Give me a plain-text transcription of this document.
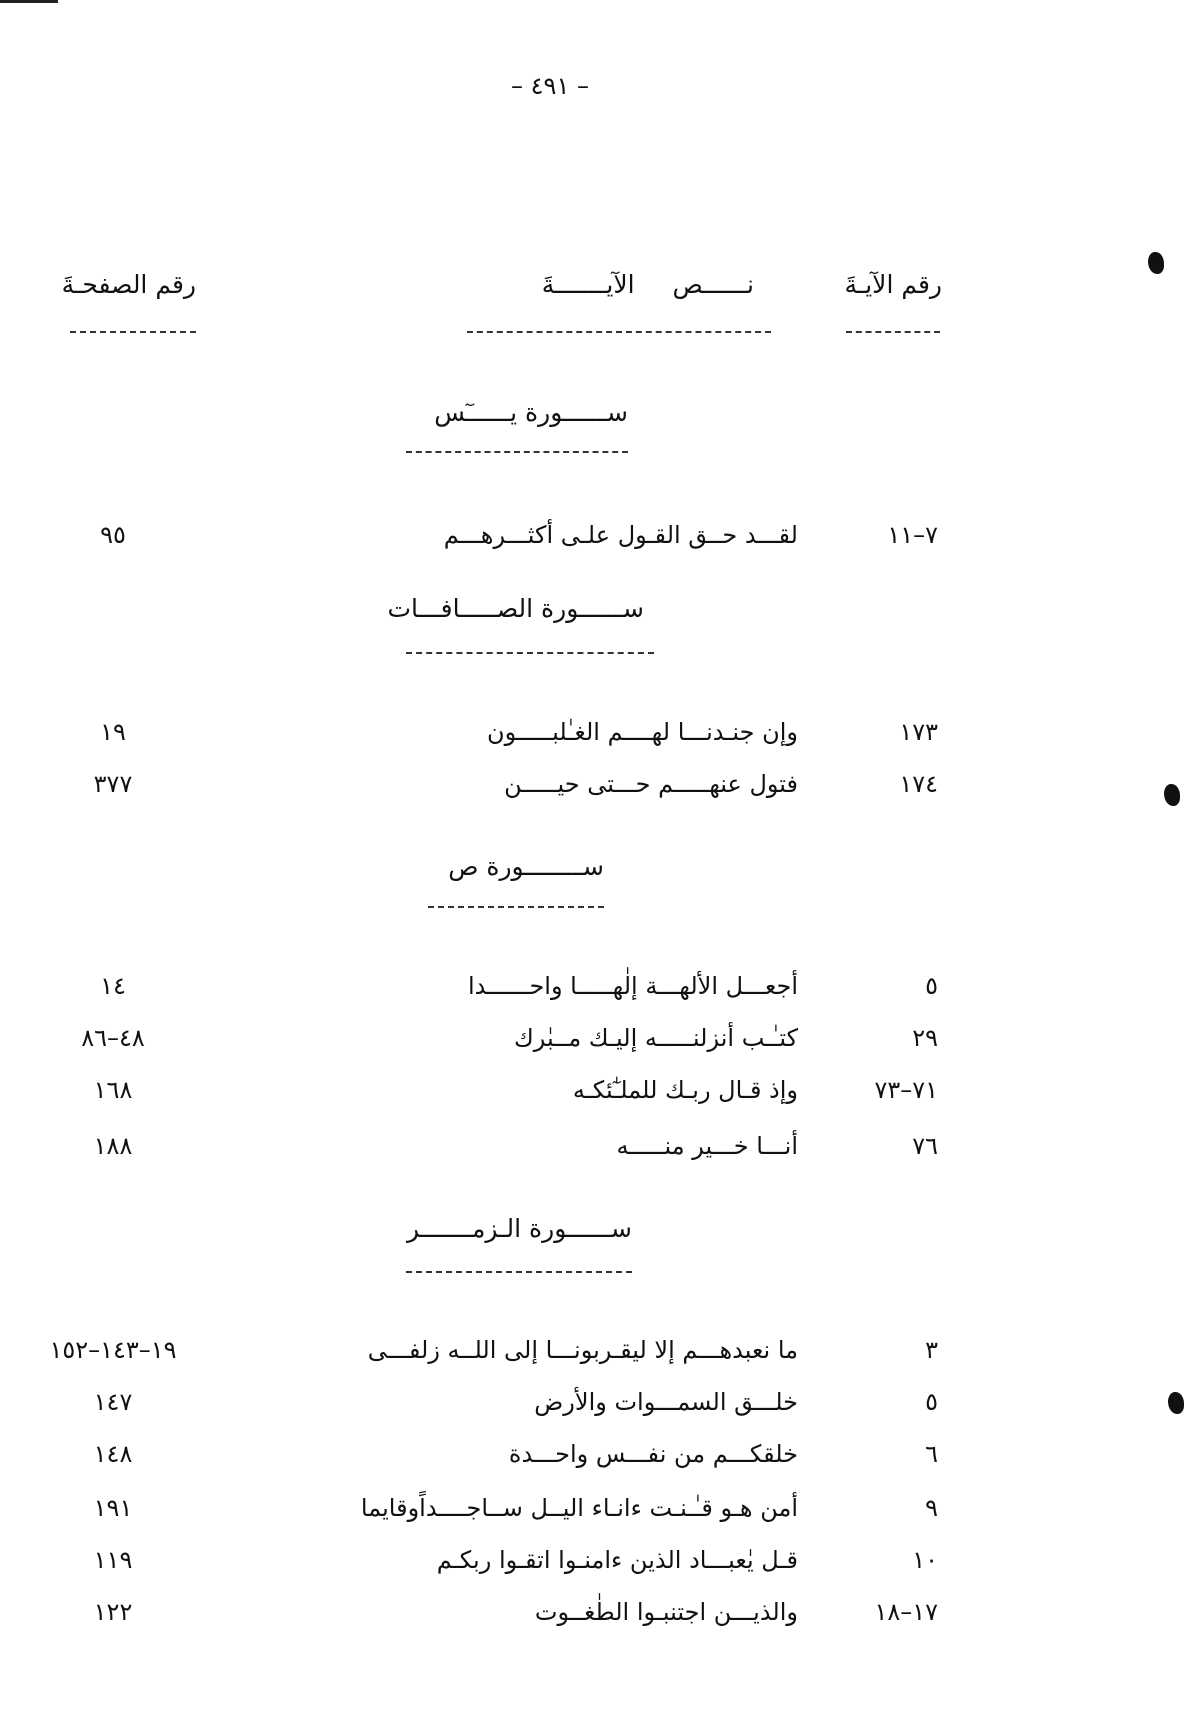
– ٤٩١ –
رقم الآيـةَ
نــــــص الآيـــــــةَ
رقم الصفحـةَ
ســــــورة يــــــٓس
٧–١١
لقـــد حــق القـول علـى أكثـــرهـــم
٩٥
ســــــورة الصـــــافـــات
١٧٣
وإن جنـدنـــا لهــــم الغـٰلبـــــون
١٩
١٧٤
فتول عنهـــــم حـــتى حيـــــن
٣٧٧
ســــــــورة ص
٥
أجعـــل الألهـــة إلٰهـــــا واحــــــدا
١٤
٢٩
كتـٰـب أنزلنـــــه إليـك مــبٰرك
٤٨–٨٦
٧١–٧٣
وإذ قـال ربـك للملـٰٓئكـه
١٦٨
٧٦
أنـــا خـــير منـــــه
١٨٨
ســــــورة الـزمـــــــر
٣
ما نعبدهـــم إلا ليقـربونـــا إلى اللــه زلفـــى
١٩–١٤٣–١٥٢
٥
خلـــق السمـــوات والأرض
١٤٧
٦
خلقكـــم من نفـــس واحـــدة
١٤٨
٩
أمن هـو قـٰـنـت ءانـاء اليــل ســاجــــداًوقايما
١٩١
١٠
قـل يٰعبـــاد الذين ءامنـوا اتقـوا ربكـم
١١٩
١٧–١٨
والذيـــن اجتنبـوا الطٰغــوت
١٢٢
